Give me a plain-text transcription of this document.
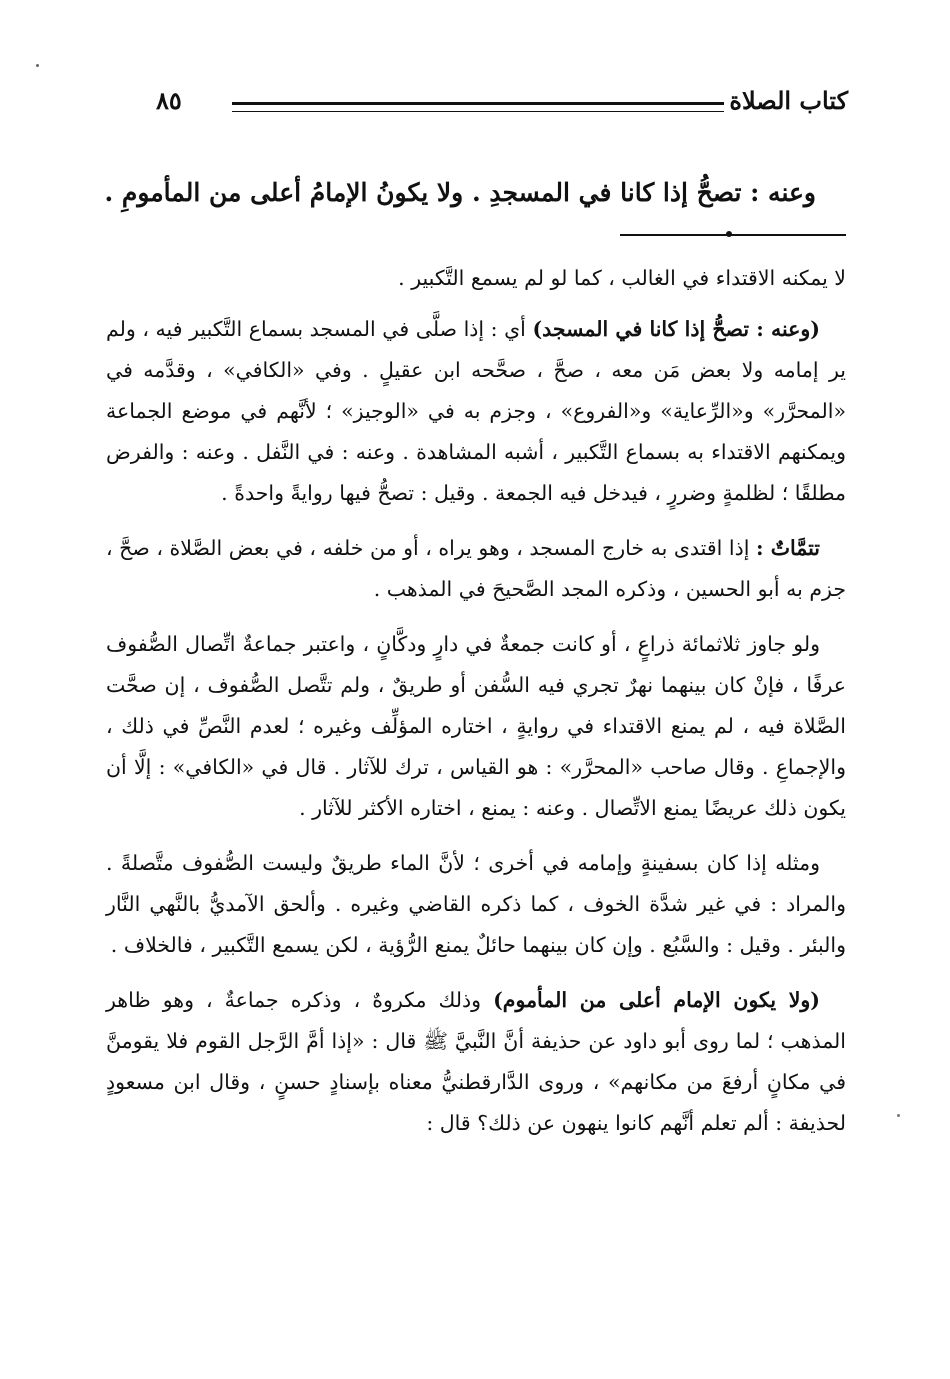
كتاب الصلاة
٨٥
وعنه : تصحُّ إذا كانا في المسجدِ . ولا يكونُ الإمامُ أعلى من المأمومِ .

لا يمكنه الاقتداء في الغالب ، كما لو لم يسمع التَّكبير .

(وعنه : تصحُّ إذا كانا في المسجد) أي : إذا صلَّى في المسجد بسماع التَّكبير فيه ، ولم ير إمامه ولا بعض مَن معه ، صحَّ ، صحَّحه ابن عقيلٍ . وفي «الكافي» ، وقدَّمه في «المحرَّر» و«الرِّعاية» و«الفروع» ، وجزم به في «الوجيز» ؛ لأنَّهم في موضع الجماعة ويمكنهم الاقتداء به بسماع التَّكبير ، أشبه المشاهدة . وعنه : في النَّفل . وعنه : والفرض مطلقًا ؛ لظلمةٍ وضررٍ ، فيدخل فيه الجمعة . وقيل : تصحُّ فيها روايةً واحدةً .

تتمَّاتٌ : إذا اقتدى به خارج المسجد ، وهو يراه ، أو من خلفه ، في بعض الصَّلاة ، صحَّ ، جزم به أبو الحسين ، وذكره المجد الصَّحيحَ في المذهب .

ولو جاوز ثلاثمائة ذراعٍ ، أو كانت جمعةٌ في دارٍ ودكَّانٍ ، واعتبر جماعةٌ اتِّصال الصُّفوف عرفًا ، فإنْ كان بينهما نهرٌ تجري فيه السُّفن أو طريقٌ ، ولم تتَّصل الصُّفوف ، إن صحَّت الصَّلاة فيه ، لم يمنع الاقتداء في روايةٍ ، اختاره المؤلِّف وغيره ؛ لعدم النَّصِّ في ذلك ، والإجماعِ . وقال صاحب «المحرَّر» : هو القياس ، ترك للآثار . قال في «الكافي» : إلَّا أن يكون ذلك عريضًا يمنع الاتِّصال . وعنه : يمنع ، اختاره الأكثر للآثار .

ومثله إذا كان بسفينةٍ وإمامه في أخرى ؛ لأنَّ الماء طريقٌ وليست الصُّفوف متَّصلةً . والمراد : في غير شدَّة الخوف ، كما ذكره القاضي وغيره . وألحق الآمديُّ بالنَّهي النَّار والبئر . وقيل : والسَّبُع . وإن كان بينهما حائلٌ يمنع الرُّؤية ، لكن يسمع التَّكبير ، فالخلاف .

(ولا يكون الإمام أعلى من المأموم) وذلك مكروهٌ ، وذكره جماعةٌ ، وهو ظاهر المذهب ؛ لما روى أبو داود عن حذيفة أنَّ النَّبيَّ ﷺ قال : «إذا أمَّ الرَّجل القوم فلا يقومنَّ في مكانٍ أرفعَ من مكانهم» ، وروى الدَّارقطنيُّ معناه بإسنادٍ حسنٍ ، وقال ابن مسعودٍ لحذيفة : ألم تعلم أنَّهم كانوا ينهون عن ذلك؟ قال :
